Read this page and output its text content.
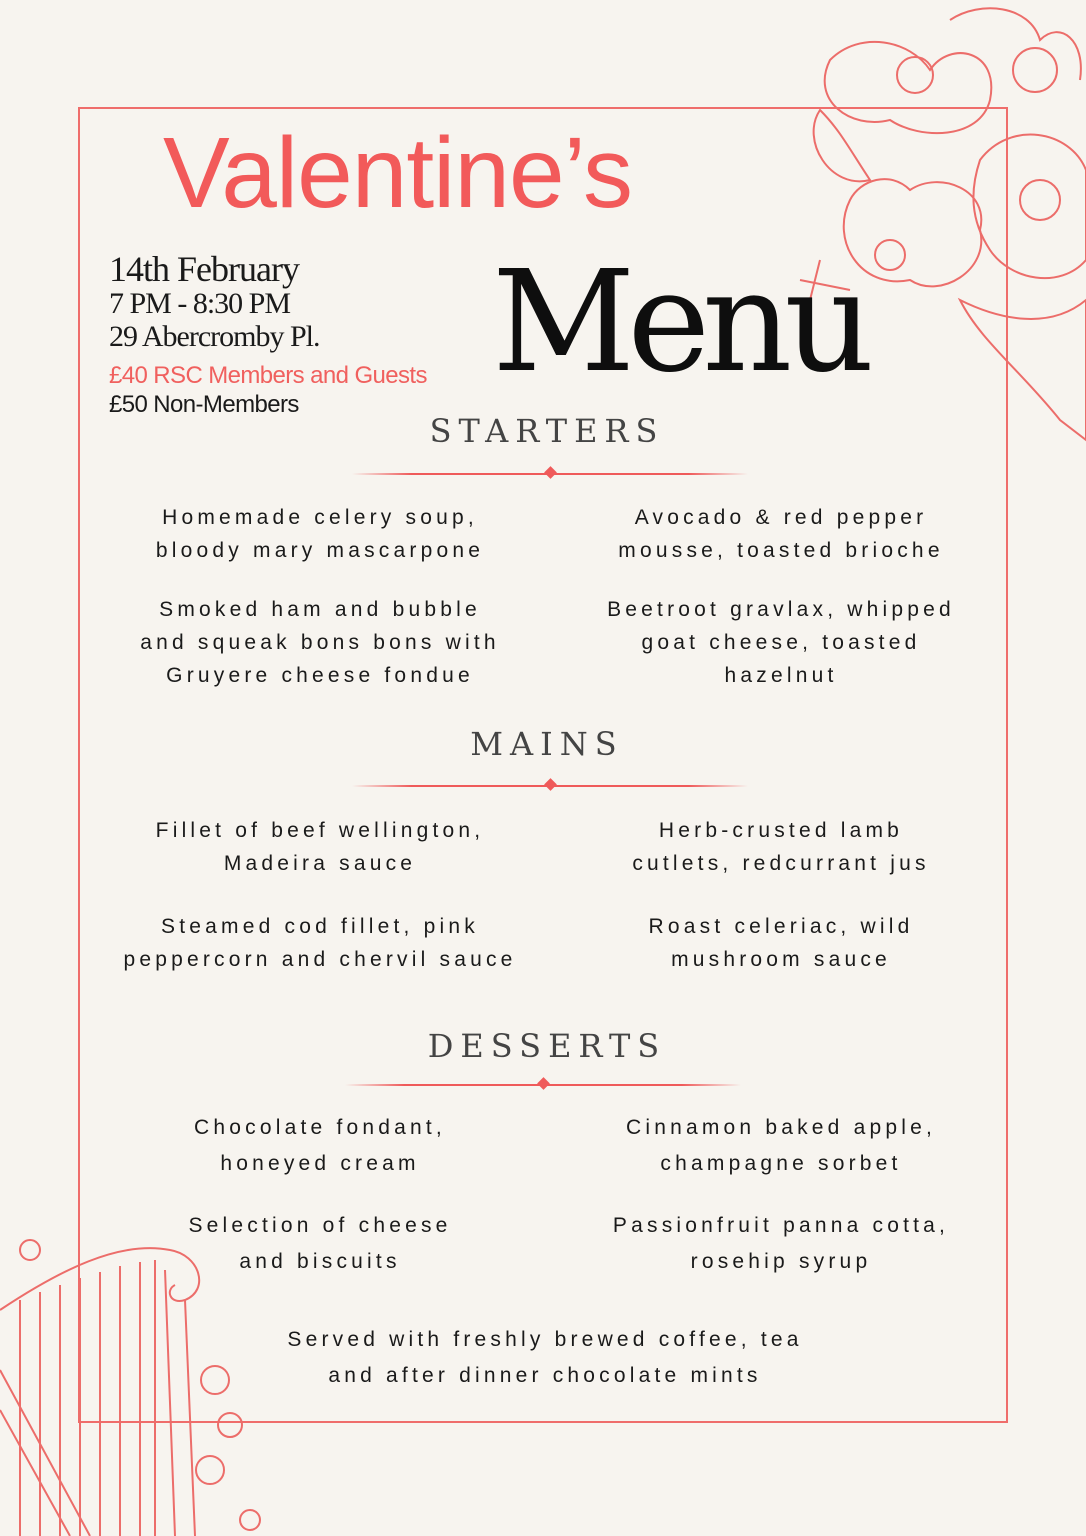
Valentine’s
Menu
14th February
7 PM - 8:30 PM
29 Abercromby Pl.
£40 RSC Members and Guests
£50 Non-Members
STARTERS
Homemade celery soup,
bloody mary mascarpone
Avocado & red pepper
mousse, toasted brioche
Smoked ham and bubble
and squeak bons bons with
Gruyere cheese fondue
Beetroot gravlax, whipped
goat cheese, toasted
hazelnut
MAINS
Fillet of beef wellington,
Madeira sauce
Herb-crusted lamb
cutlets, redcurrant jus
Steamed cod fillet, pink
peppercorn and chervil sauce
Roast celeriac, wild
mushroom sauce
DESSERTS
Chocolate fondant,
honeyed cream
Cinnamon baked apple,
champagne sorbet
Selection of cheese
and biscuits
Passionfruit panna cotta,
rosehip syrup
Served with freshly brewed coffee, tea
and after dinner chocolate mints
